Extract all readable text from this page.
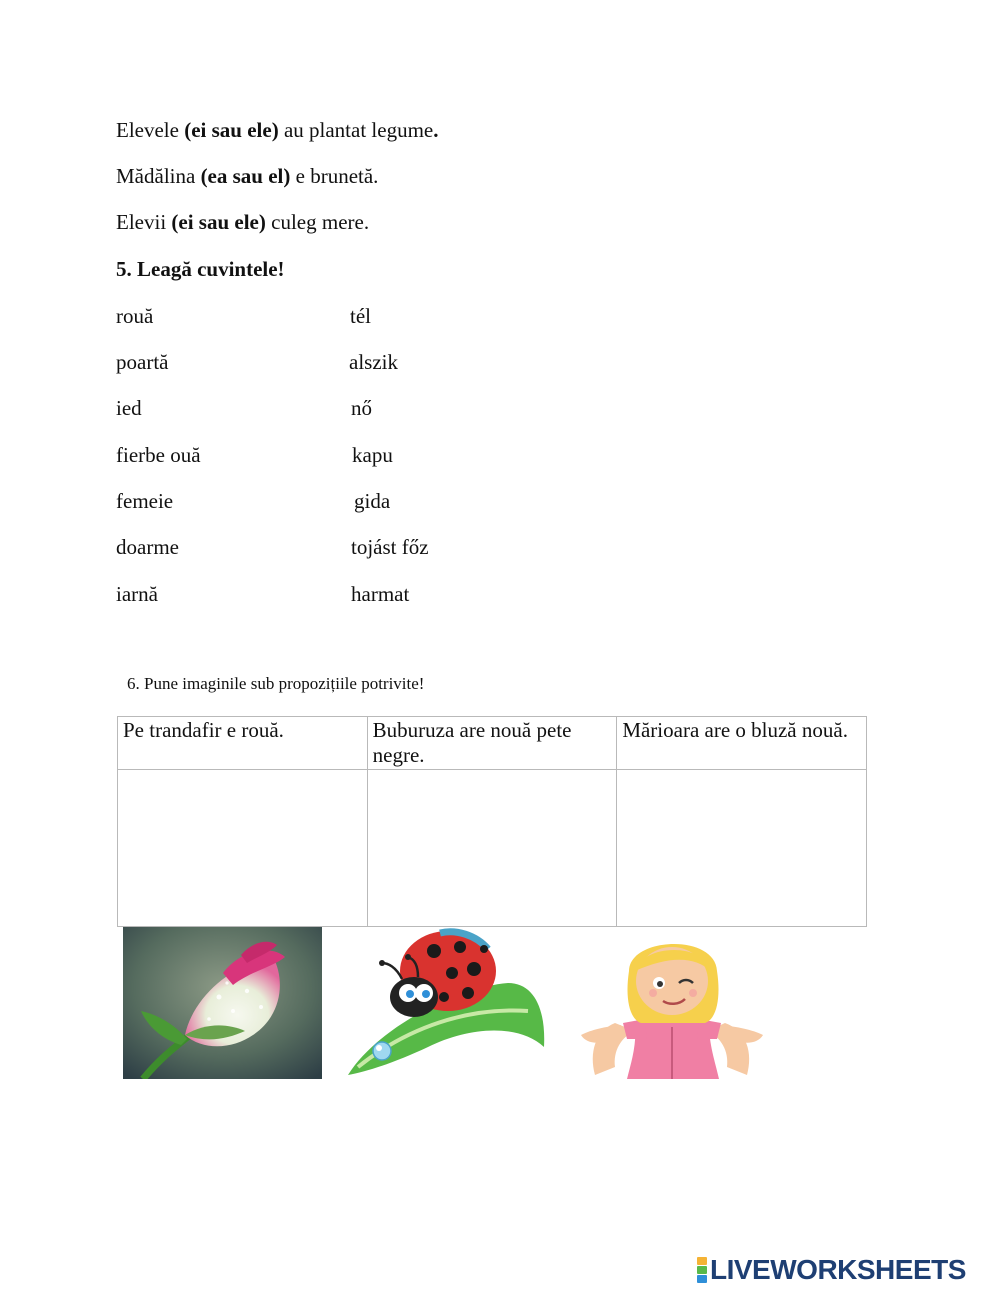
Elevele (ei sau ele) au plantat legume.
Mădălina (ea sau el) e brunetă.
Elevii (ei sau ele) culeg mere.
5. Leagă cuvintele!
rouă	tél
poartă	alszik
ied	nő
fierbe ouă	kapu
femeie	gida
doarme	tojást főz
iarnă	harmat
6. Pune imaginile sub propozițiile potrivite!
Pe trandafir e rouă.	Buburuza are nouă pete negre.	Mărioara are o bluză nouă.

LIVEWORKSHEETS
